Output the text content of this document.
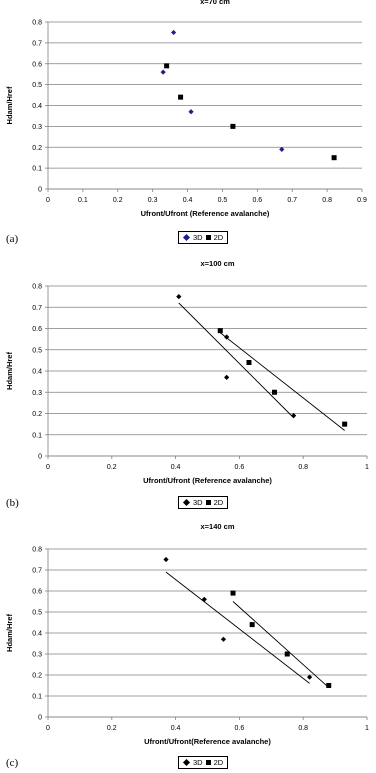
x=70 cm
0
0.1
0.2
0.3
0.4
0.5
0.6
0.7
0.8
0	0.1	0.2	0.3	0.4	0.5	0.6	0.7	0.8	0.9
Ufront/Ufront (Reference avalanche)
Hdam/Href
x=100 cm
0
0.1
0.2
0.3
0.4
0.5
0.6
0.7
0.8
0	0.2	0.4	0.6	0.8	1
Ufront/Ufront (Reference avalanche)
Hdam/Href
x=140 cm
0
0.1
0.2
0.3
0.4
0.5
0.6
0.7
0.8
0	0.2	0.4	0.6	0.8	1
Ufront/Ufront(Reference avalanche)
Hdam/Href
(a)
(b)
(c)
3D 2D
3D 2D
3D 2D
